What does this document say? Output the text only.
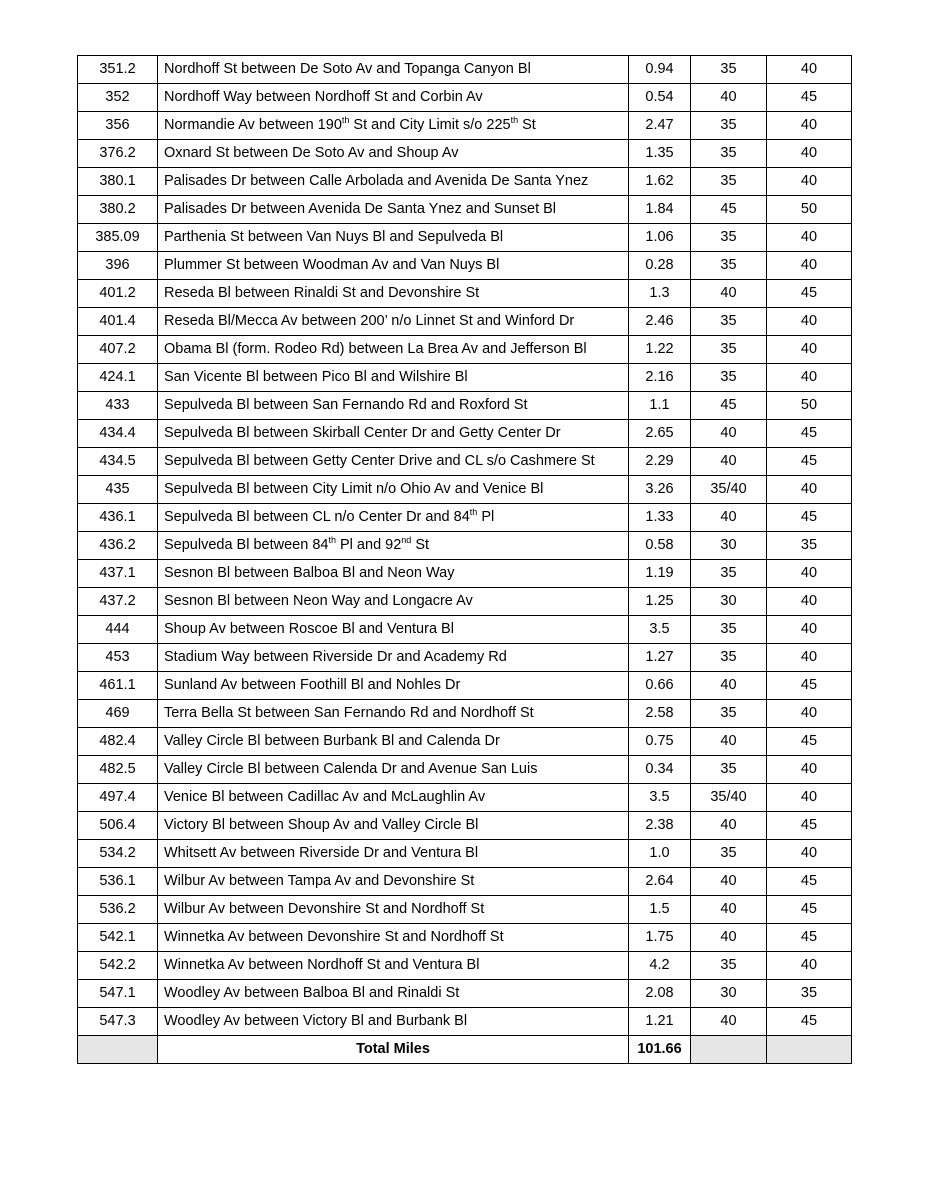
351.2	Nordhoff St between De Soto Av and Topanga Canyon Bl	0.94	35	40
352	Nordhoff Way between Nordhoff St and Corbin Av	0.54	40	45
356	Normandie Av between 190th St and City Limit s/o 225th St	2.47	35	40
376.2	Oxnard St between De Soto Av and Shoup Av	1.35	35	40
380.1	Palisades Dr between Calle Arbolada and Avenida De Santa Ynez	1.62	35	40
380.2	Palisades Dr between Avenida De Santa Ynez and Sunset Bl	1.84	45	50
385.09	Parthenia St between Van Nuys Bl and Sepulveda Bl	1.06	35	40
396	Plummer St between Woodman Av and Van Nuys Bl	0.28	35	40
401.2	Reseda Bl between Rinaldi St and Devonshire St	1.3	40	45
401.4	Reseda Bl/Mecca Av between 200’ n/o Linnet St and Winford Dr	2.46	35	40
407.2	Obama Bl (form. Rodeo Rd) between La Brea Av and Jefferson Bl	1.22	35	40
424.1	San Vicente Bl between Pico Bl and Wilshire Bl	2.16	35	40
433	Sepulveda Bl between San Fernando Rd and Roxford St	1.1	45	50
434.4	Sepulveda Bl between Skirball Center Dr and Getty Center Dr	2.65	40	45
434.5	Sepulveda Bl between Getty Center Drive and CL s/o Cashmere St	2.29	40	45
435	Sepulveda Bl between City Limit n/o Ohio Av and Venice Bl	3.26	35/40	40
436.1	Sepulveda Bl between CL n/o Center Dr and 84th Pl	1.33	40	45
436.2	Sepulveda Bl between 84th Pl and 92nd St	0.58	30	35
437.1	Sesnon Bl between Balboa Bl and Neon Way	1.19	35	40
437.2	Sesnon Bl between Neon Way and Longacre Av	1.25	30	40
444	Shoup Av between Roscoe Bl and Ventura Bl	3.5	35	40
453	Stadium Way between Riverside Dr and Academy Rd	1.27	35	40
461.1	Sunland Av between Foothill Bl and Nohles Dr	0.66	40	45
469	Terra Bella St between San Fernando Rd and Nordhoff St	2.58	35	40
482.4	Valley Circle Bl between Burbank Bl and Calenda Dr	0.75	40	45
482.5	Valley Circle Bl between Calenda Dr and Avenue San Luis	0.34	35	40
497.4	Venice Bl between Cadillac Av and McLaughlin Av	3.5	35/40	40
506.4	Victory Bl between Shoup Av and Valley Circle Bl	2.38	40	45
534.2	Whitsett Av between Riverside Dr and Ventura Bl	1.0	35	40
536.1	Wilbur Av between Tampa Av and Devonshire St	2.64	40	45
536.2	Wilbur Av between Devonshire St and Nordhoff St	1.5	40	45
542.1	Winnetka Av between Devonshire St and Nordhoff St	1.75	40	45
542.2	Winnetka Av between Nordhoff St and Ventura Bl	4.2	35	40
547.1	Woodley Av between Balboa Bl and Rinaldi St	2.08	30	35
547.3	Woodley Av between Victory Bl and Burbank Bl	1.21	40	45
	Total Miles	101.66		
